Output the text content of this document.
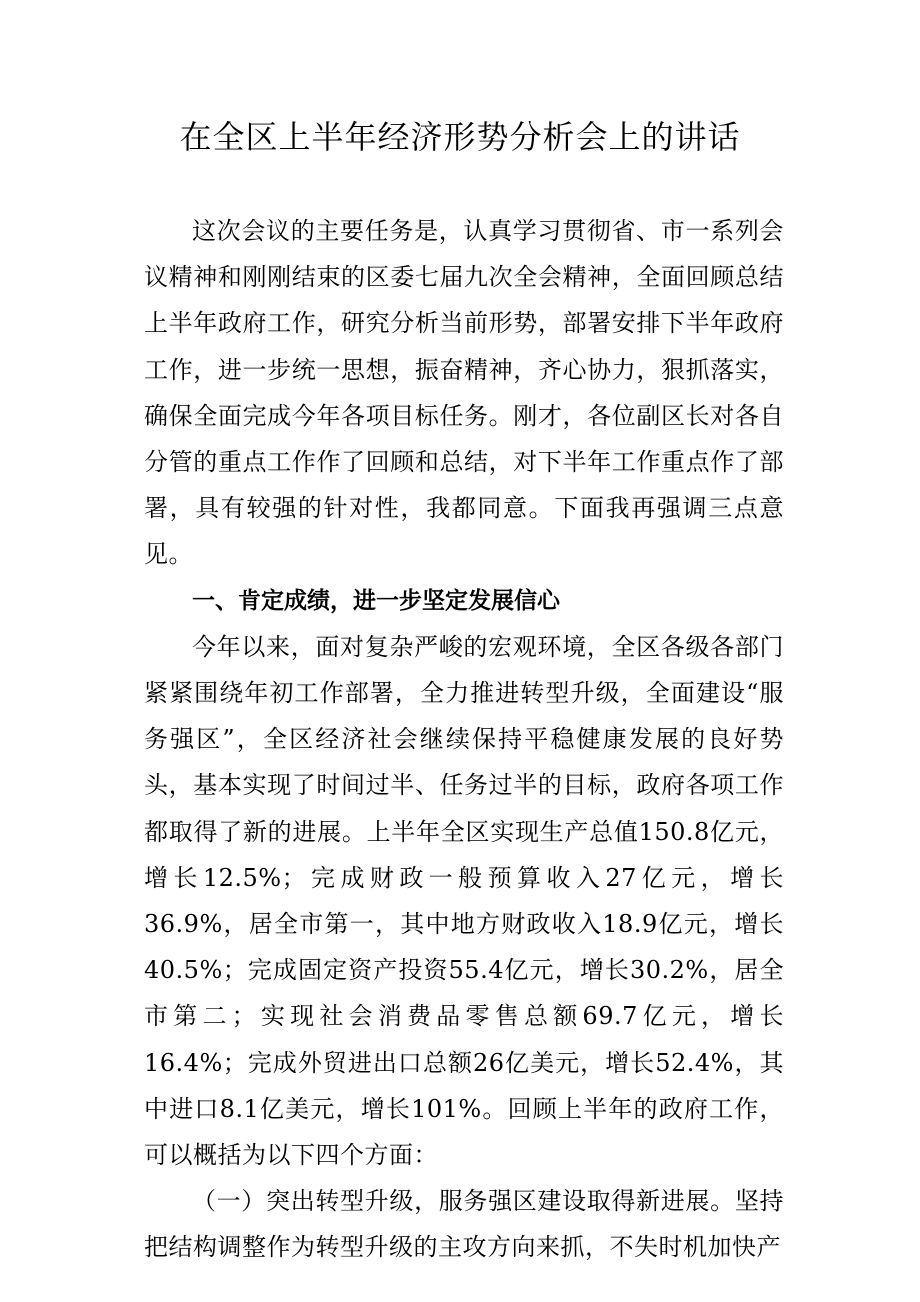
在全区上半年经济形势分析会上的讲话

这次会议的主要任务是，认真学习贯彻省、市一系列会议精神和刚刚结束的区委七届九次全会精神，全面回顾总结上半年政府工作，研究分析当前形势，部署安排下半年政府工作，进一步统一思想，振奋精神，齐心协力，狠抓落实，确保全面完成今年各项目标任务。刚才，各位副区长对各自分管的重点工作作了回顾和总结，对下半年工作重点作了部署，具有较强的针对性，我都同意。下面我再强调三点意见。

一、肯定成绩，进一步坚定发展信心

今年以来，面对复杂严峻的宏观环境，全区各级各部门紧紧围绕年初工作部署，全力推进转型升级，全面建设“服务强区”，全区经济社会继续保持平稳健康发展的良好势头，基本实现了时间过半、任务过半的目标，政府各项工作都取得了新的进展。上半年全区实现生产总值150.8亿元，增长12.5%；完成财政一般预算收入27亿元，增长36.9%，居全市第一，其中地方财政收入18.9亿元，增长40.5%；完成固定资产投资55.4亿元，增长30.2%，居全市第二；实现社会消费品零售总额69.7亿元，增长16.4%；完成外贸进出口总额26亿美元，增长52.4%，其中进口8.1亿美元，增长101%。回顾上半年的政府工作，可以概括为以下四个方面：

（一）突出转型升级，服务强区建设取得新进展。坚持把结构调整作为转型升级的主攻方向来抓，不失时机加快产
